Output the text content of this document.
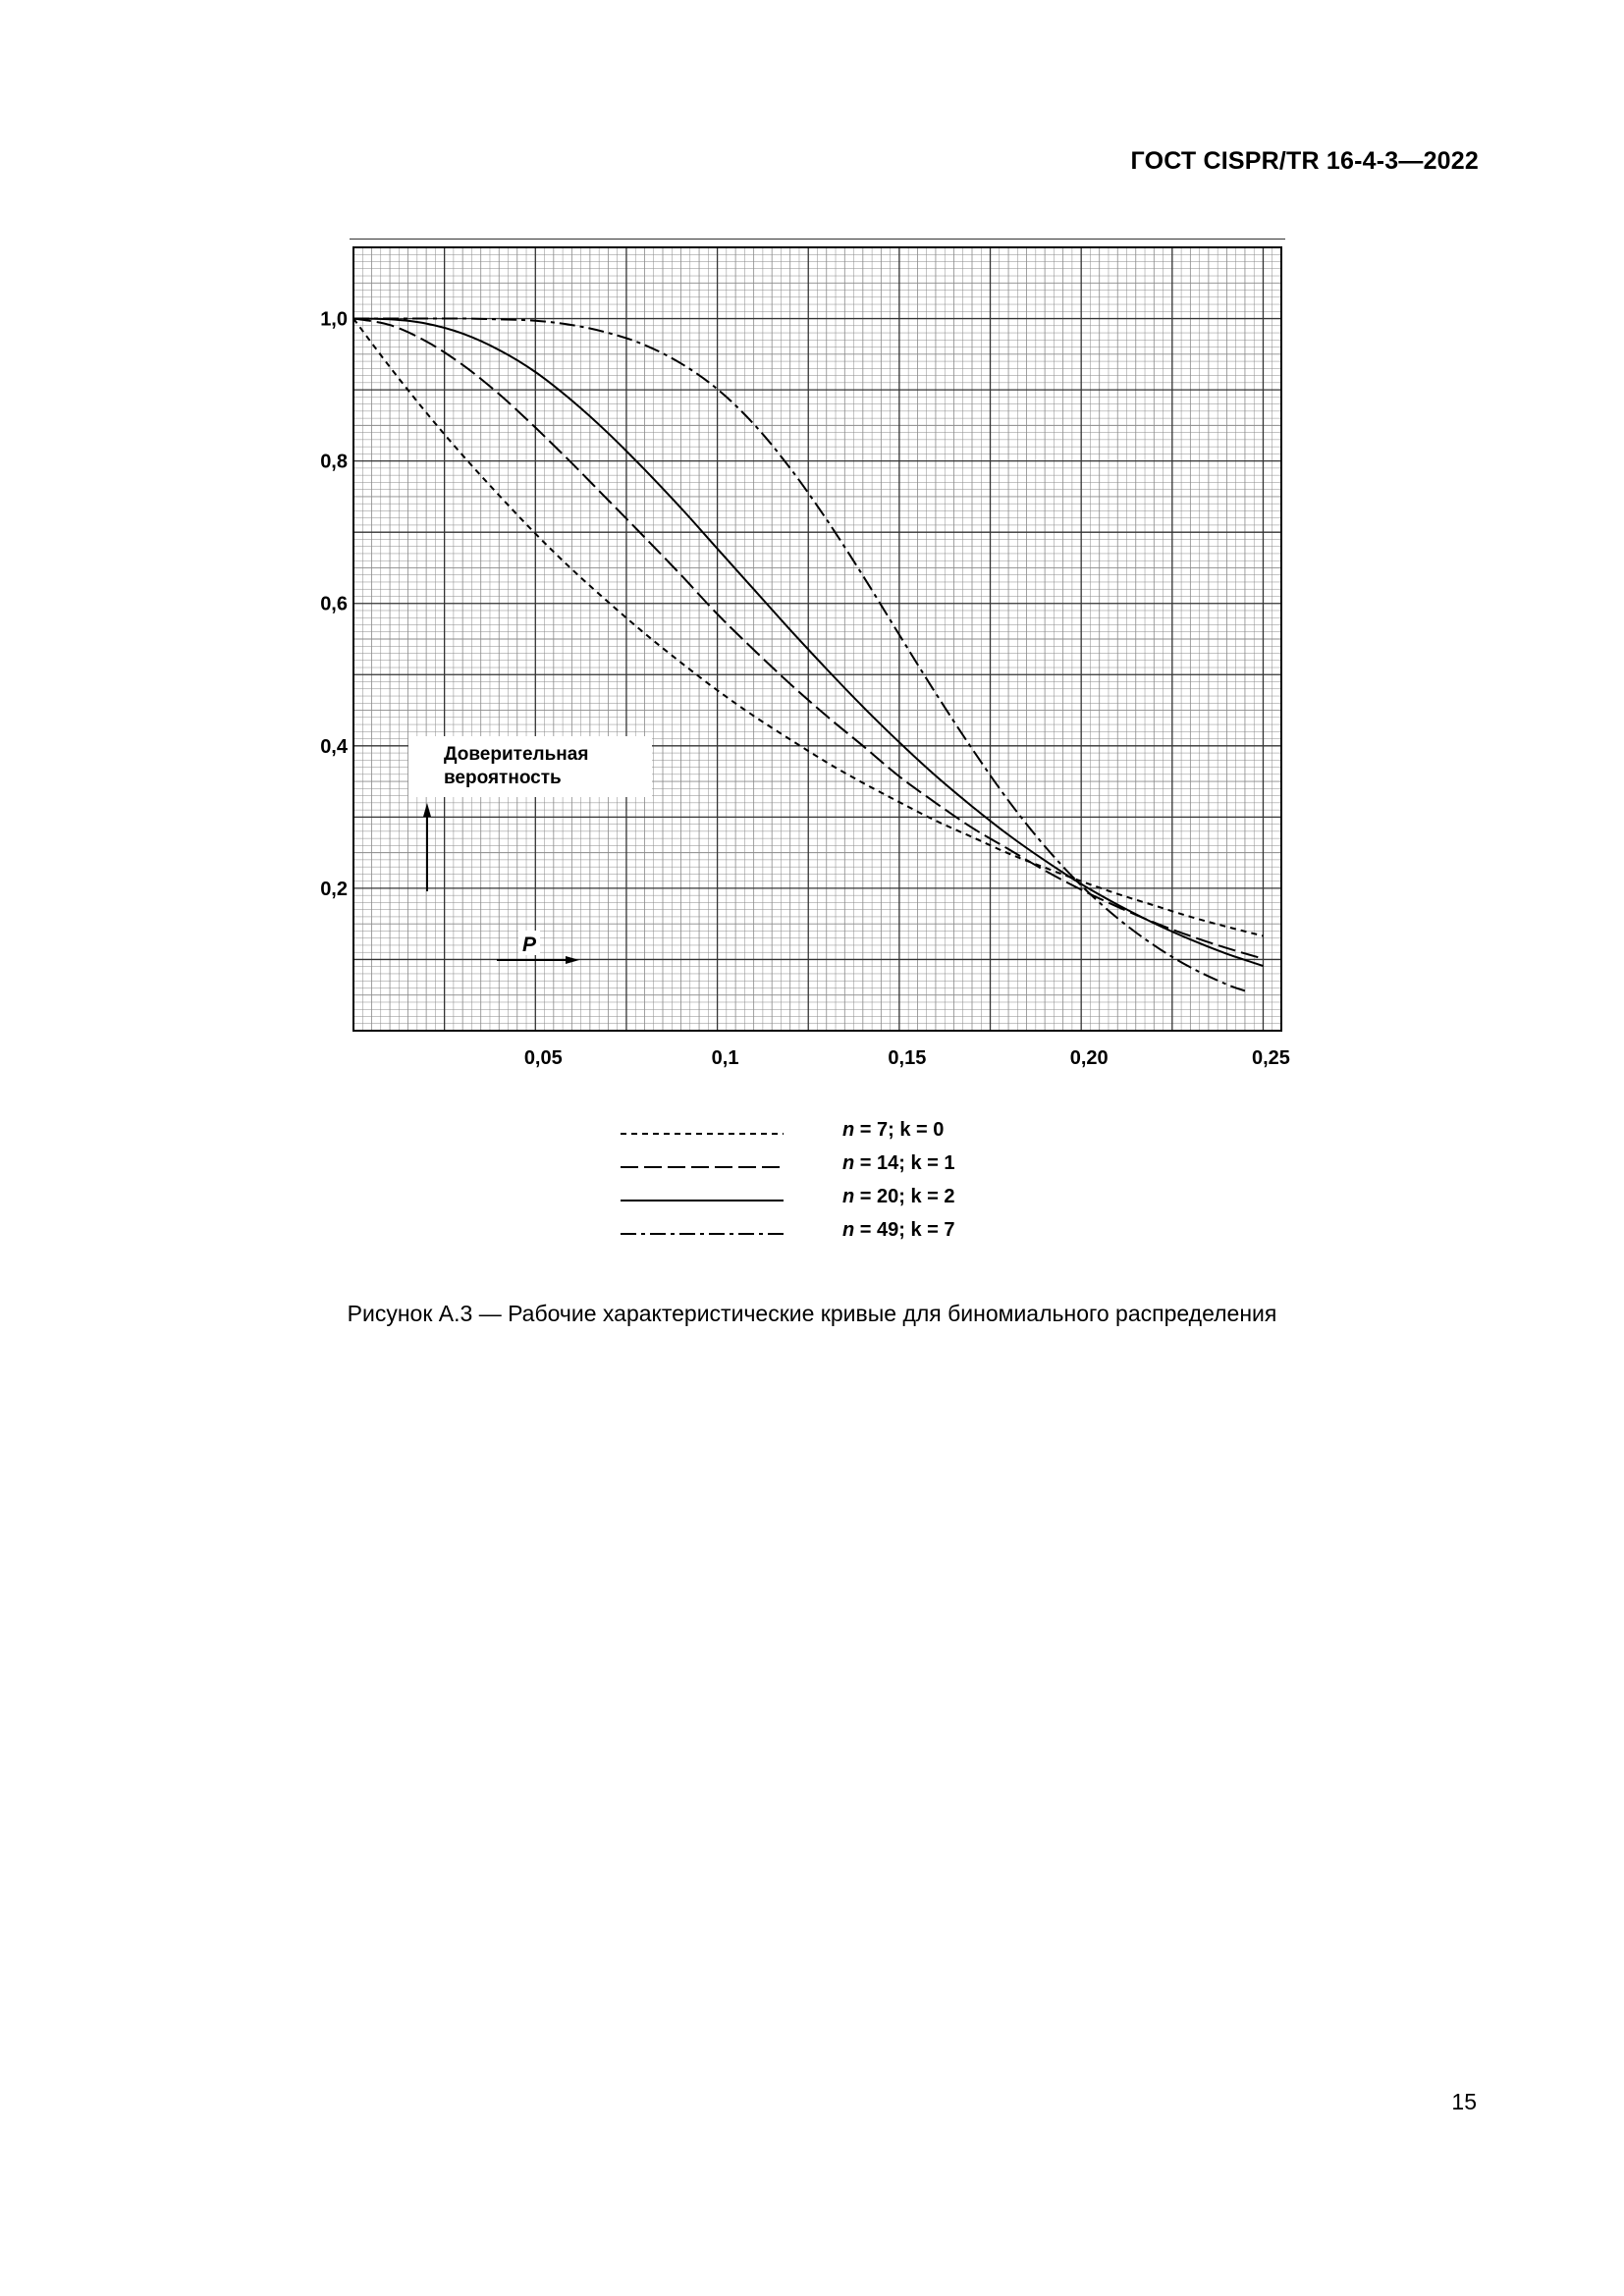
ГОСТ CISPR/TR 16-4-3—2022
0,2
0,4
0,6
0,8
1,0
0,05	0,1	0,15	0,20	0,25
Доверительная вероятность
P
n = 7; k = 0
n = 14; k = 1
n = 20; k = 2
n = 49; k = 7
Рисунок А.3 — Рабочие характеристические кривые для биномиального распределения
15
